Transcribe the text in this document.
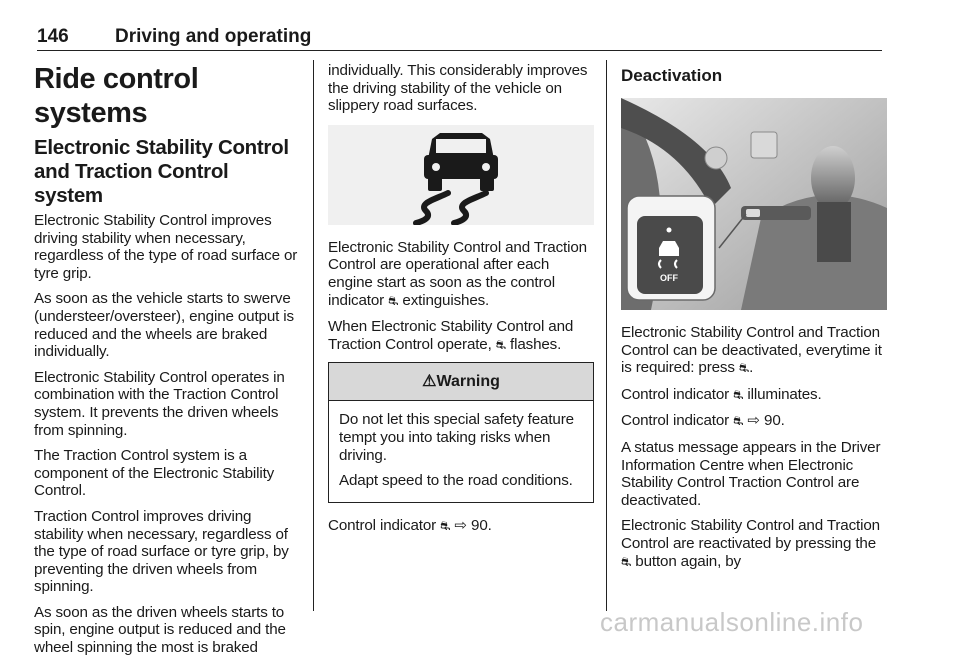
146 Driving and operating
Ride control systems
Electronic Stability Control and Traction Control system

Electronic Stability Control improves driving stability when necessary, regardless of the type of road surface or tyre grip.

As soon as the vehicle starts to swerve (understeer/oversteer), engine output is reduced and the wheels are braked individually.

Electronic Stability Control operates in combination with the Traction Control system. It prevents the driven wheels from spinning.

The Traction Control system is a component of the Electronic Stability Control.

Traction Control improves driving stability when necessary, regardless of the type of road surface or tyre grip, by preventing the driven wheels from spinning.

As soon as the driven wheels starts to spin, engine output is reduced and the wheel spinning the most is braked

individually. This considerably improves the driving stability of the vehicle on slippery road surfaces.

Electronic Stability Control and Traction Control are operational after each engine start as soon as the control indicator ⛐ extinguishes.

When Electronic Stability Control and Traction Control operate, ⛐ flashes.

⚠Warning

Do not let this special safety feature tempt you into taking risks when driving.

Adapt speed to the road conditions.

Control indicator ⛐ ⇨ 90.

Deactivation
OFF

Electronic Stability Control and Traction Control can be deactivated, everytime it is required: press ⛐.

Control indicator ⛐ illuminates.

Control indicator ⛐ ⇨ 90.

A status message appears in the Driver Information Centre when Electronic Stability Control Traction Control are deactivated.

Electronic Stability Control and Traction Control are reactivated by pressing the ⛐ button again, by

carmanualsonline.info
